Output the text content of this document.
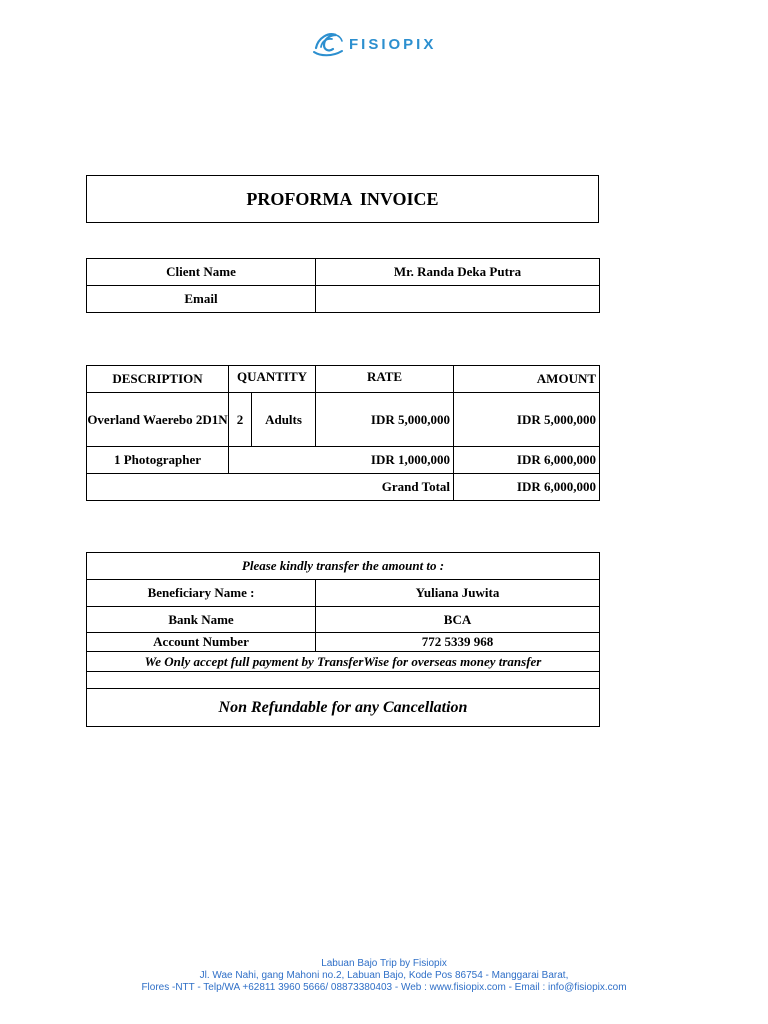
FISIOPIX
PROFORMA INVOICE
Client Name	Mr. Randa Deka Putra
Email	
DESCRIPTION	QUANTITY		RATE	AMOUNT
Overland Waerebo 2D1N	2	Adults	IDR 5,000,000	IDR 5,000,000
1 Photographer	IDR 1,000,000			IDR 6,000,000
Grand Total				IDR 6,000,000
Please kindly transfer the amount to :	
Beneficiary Name :	Yuliana Juwita
Bank Name	BCA
Account Number	772 5339 968
We Only accept full payment by TransferWise for overseas money transfer	

Non Refundable for any Cancellation	
Labuan Bajo Trip by Fisiopix
Jl. Wae Nahi, gang Mahoni no.2, Labuan Bajo, Kode Pos 86754 - Manggarai Barat,
Flores -NTT - Telp/WA +62811 3960 5666/ 08873380403 - Web : www.fisiopix.com - Email : info@fisiopix.com
